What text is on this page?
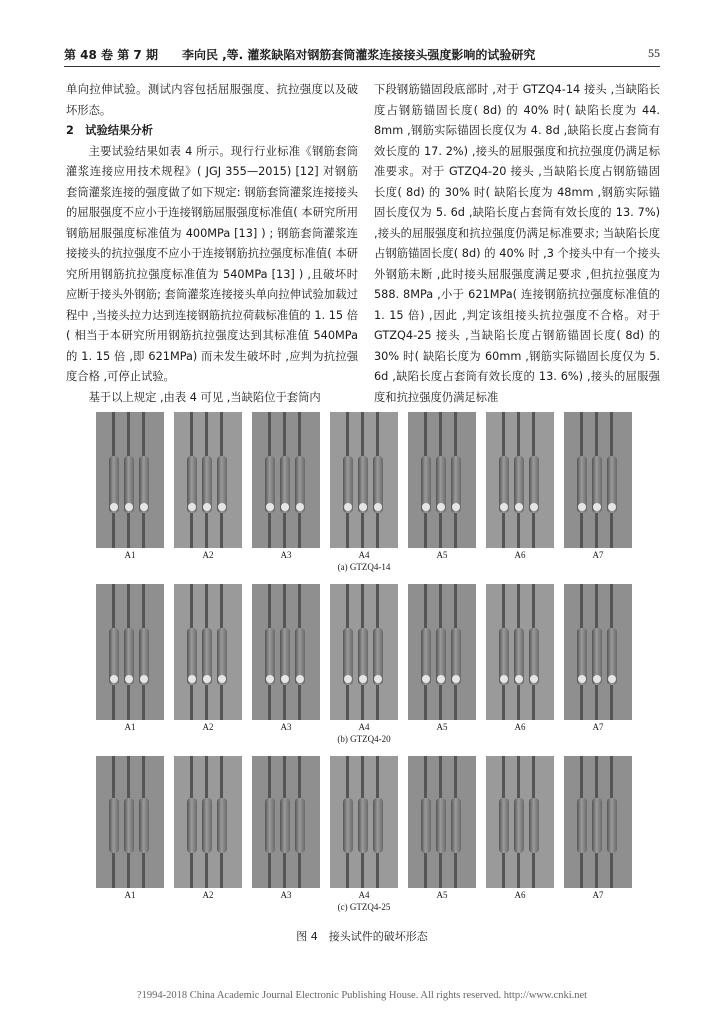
第 48 卷 第 7 期　　李向民 ,等. 灌浆缺陷对钢筋套筒灌浆连接接头强度影响的试验研究	55

单向拉伸试验。测试内容包括屈服强度、抗拉强度以及破坏形态。

2　试验结果分析

主要试验结果如表 4 所示。现行行业标准《钢筋套筒灌浆连接应用技术规程》( JGJ 355—2015) [12] 对钢筋套筒灌浆连接的强度做了如下规定: 钢筋套筒灌浆连接接头的屈服强度不应小于连接钢筋屈服强度标准值( 本研究所用钢筋屈服强度标准值为 400MPa [13] ) ; 钢筋套筒灌浆连接接头的抗拉强度不应小于连接钢筋抗拉强度标准值( 本研究所用钢筋抗拉强度标准值为 540MPa [13] ) ,且破坏时应断于接头外钢筋; 套筒灌浆连接接头单向拉伸试验加载过程中 ,当接头拉力达到连接钢筋抗拉荷载标准值的 1. 15 倍( 相当于本研究所用钢筋抗拉强度达到其标准值 540MPa 的 1. 15 倍 ,即 621MPa) 而未发生破坏时 ,应判为抗拉强度合格 ,可停止试验。

基于以上规定 ,由表 4 可见 ,当缺陷位于套筒内

下段钢筋锚固段底部时 ,对于 GTZQ4-14 接头 ,当缺陷长度占钢筋锚固长度( 8d) 的 40% 时( 缺陷长度为 44. 8mm ,钢筋实际锚固长度仅为 4. 8d ,缺陷长度占套筒有效长度的 17. 2%) ,接头的屈服强度和抗拉强度仍满足标准要求。对于 GTZQ4-20 接头 ,当缺陷长度占钢筋锚固长度( 8d) 的 30% 时( 缺陷长度为 48mm ,钢筋实际锚固长度仅为 5. 6d ,缺陷长度占套筒有效长度的 13. 7%) ,接头的屈服强度和抗拉强度仍满足标准要求; 当缺陷长度占钢筋锚固长度( 8d) 的 40% 时 ,3 个接头中有一个接头外钢筋未断 ,此时接头屈服强度满足要求 ,但抗拉强度为 588. 8MPa ,小于 621MPa( 连接钢筋抗拉强度标准值的 1. 15 倍) ,因此 ,判定该组接头抗拉强度不合格。对于 GTZQ4-25 接头 ,当缺陷长度占钢筋锚固长度( 8d) 的 30% 时( 缺陷长度为 60mm ,钢筋实际锚固长度仅为 5. 6d ,缺陷长度占套筒有效长度的 13. 6%) ,接头的屈服强度和抗拉强度仍满足标准

A1	A2	A3	A4	A5	A6	A7
(a) GTZQ4-14
A1	A2	A3	A4	A5	A6	A7
(b) GTZQ4-20
A1	A2	A3	A4	A5	A6	A7
(c) GTZQ4-25
图 4　接头试件的破坏形态
?1994-2018 China Academic Journal Electronic Publishing House. All rights reserved. http://www.cnki.net
